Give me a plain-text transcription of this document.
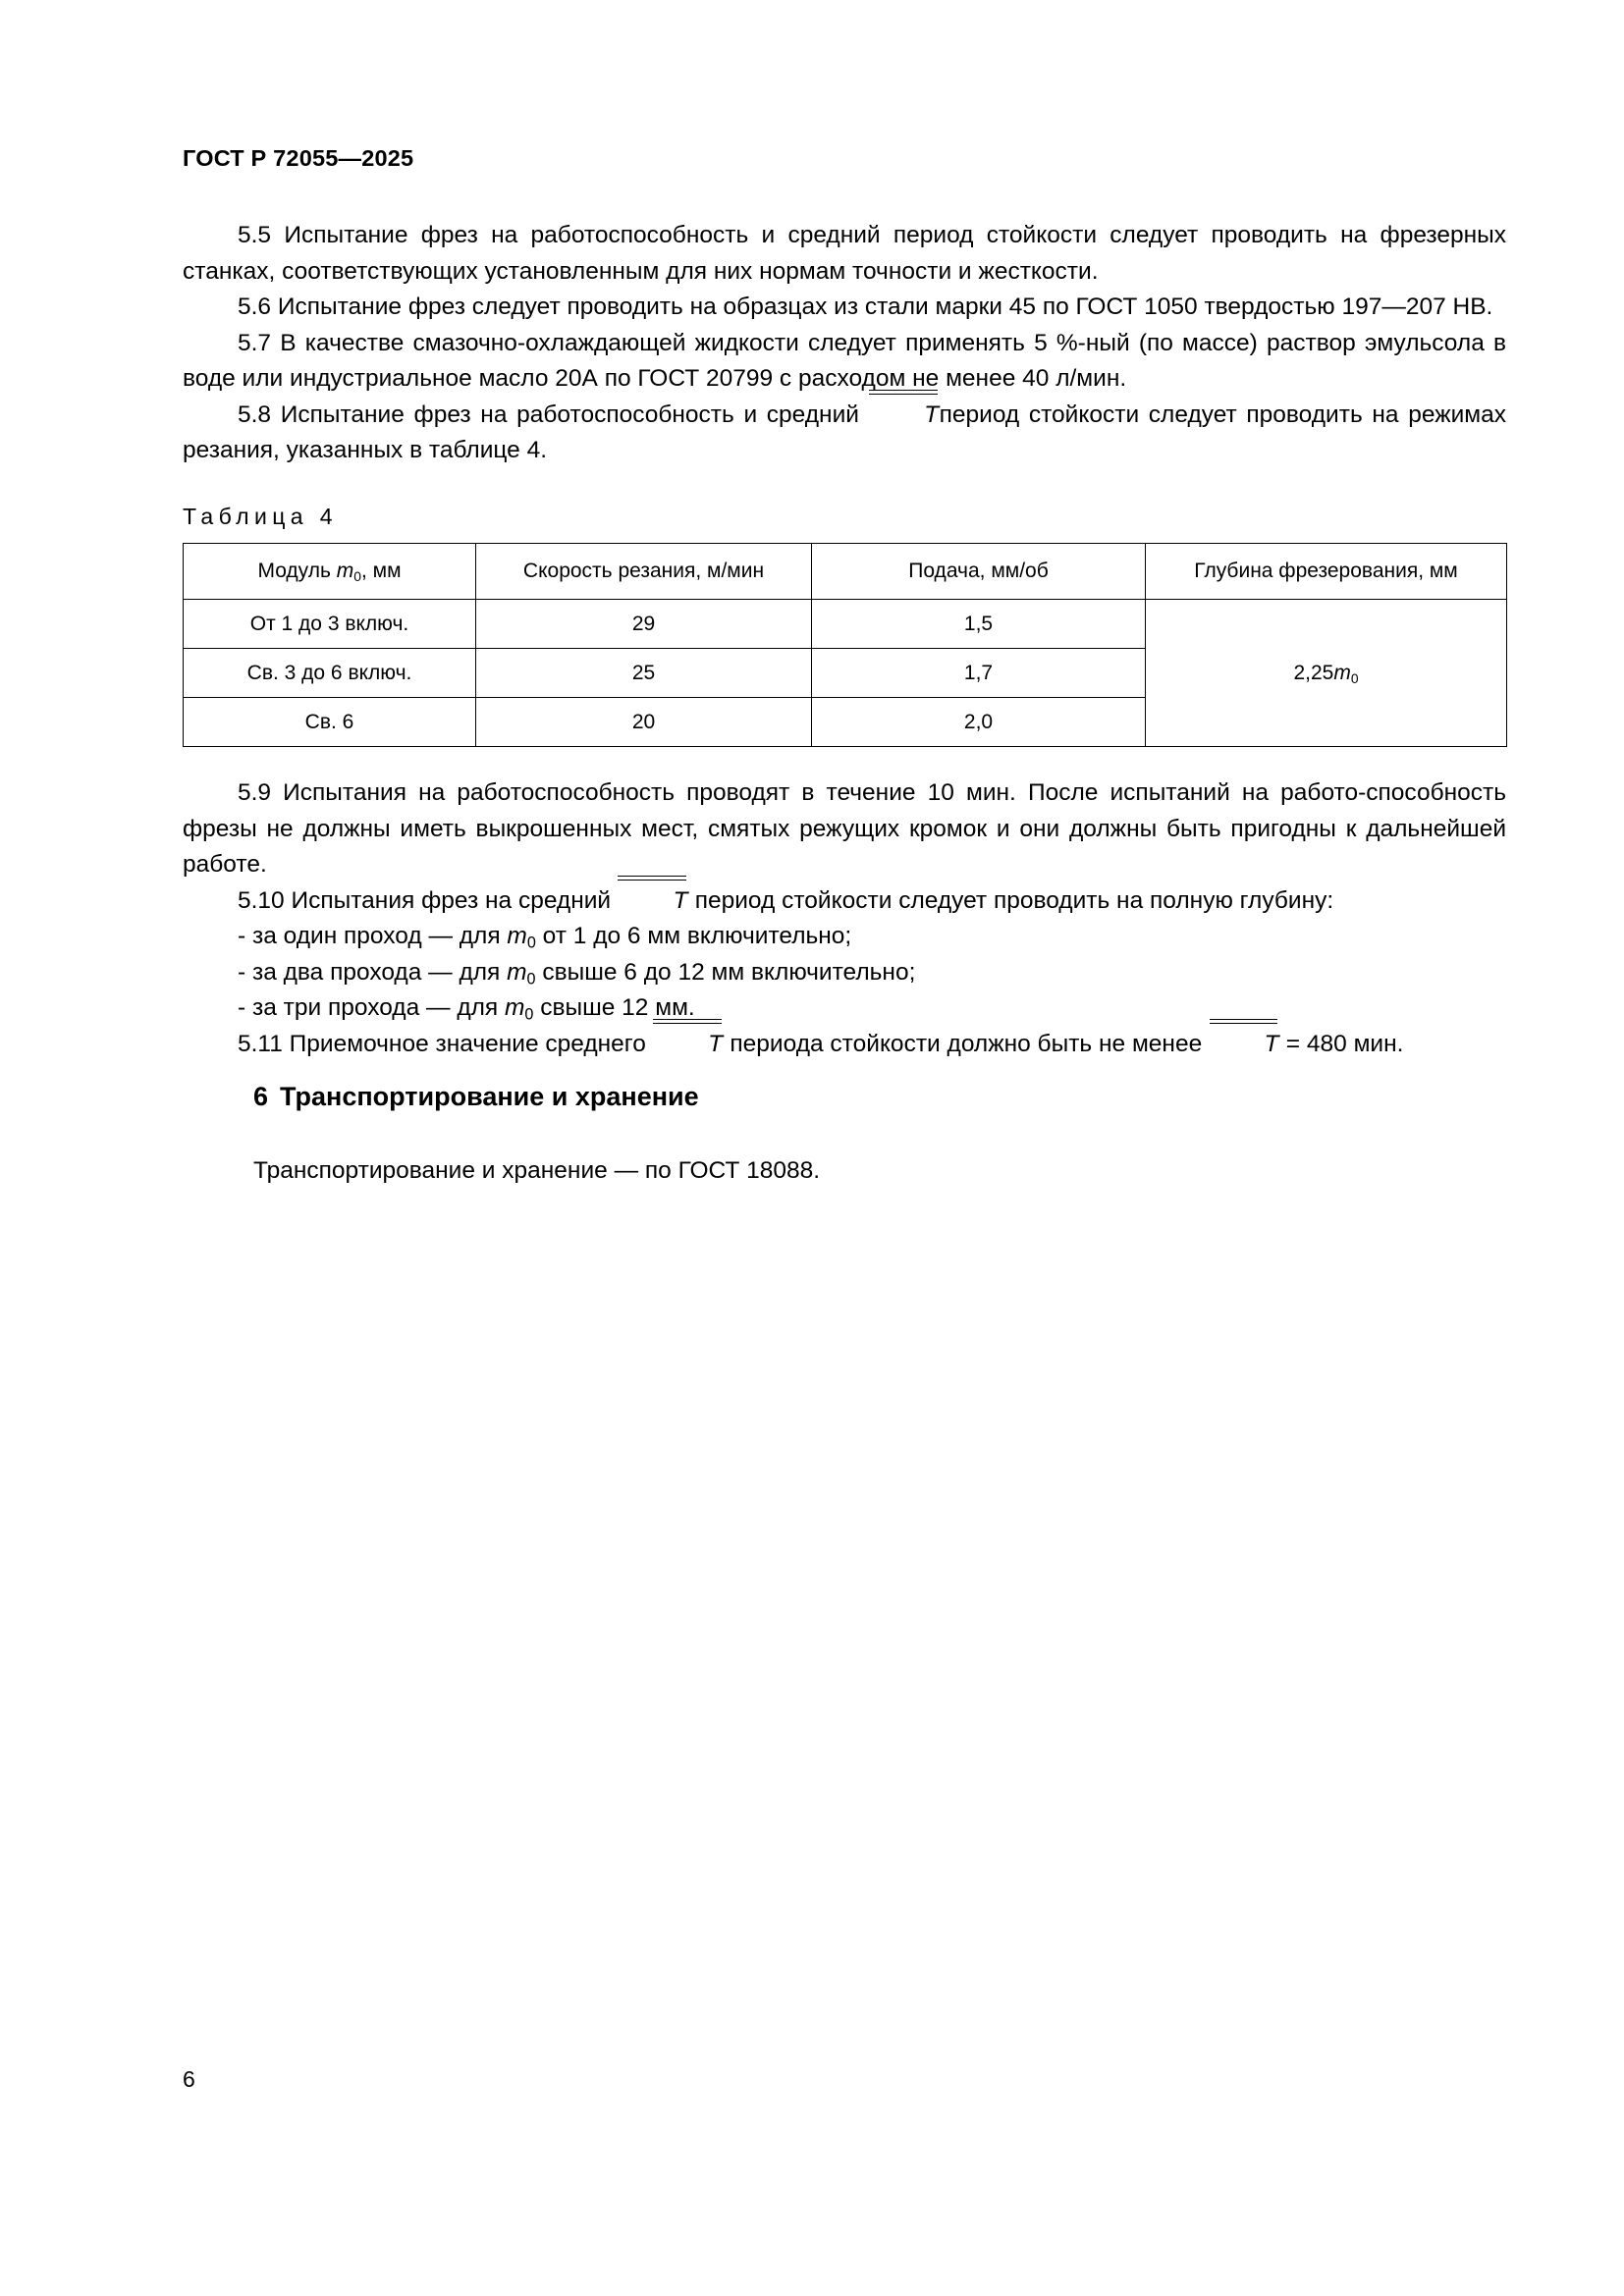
ГОСТ Р 72055—2025

5.5 Испытание фрез на работоспособность и средний период стойкости следует проводить на фрезерных станках, соответствующих установленным для них нормам точности и жесткости.

5.6 Испытание фрез следует проводить на образцах из стали марки 45 по ГОСТ 1050 твердостью 197—207 HB.

5.7 В качестве смазочно-охлаждающей жидкости следует применять 5 %-ный (по массе) раствор эмульсола в воде или индустриальное масло 20А по ГОСТ 20799 с расходом не менее 40 л/мин.

5.8 Испытание фрез на работоспособность и средний Tпериод стойкости следует проводить на режимах резания, указанных в таблице 4.

Таблица 4
Модуль $m_0$, мм	Скорость резания, м/мин	Подача, мм/об	Глубина фрезерования, мм
От 1 до 3 включ.	29	1,5	$2,25m_0$
Св. 3 до 6 включ.	25	1,7	
Св. 6	20	2,0	

5.9 Испытания на работоспособность проводят в течение 10 мин. После испытаний на работо-способность фрезы не должны иметь выкрошенных мест, смятых режущих кромок и они должны быть пригодны к дальнейшей работе.

5.10 Испытания фрез на средний T период стойкости следует проводить на полную глубину:

- за один проход — для $m_0$ от 1 до 6 мм включительно;

- за два прохода — для $m_0$ свыше 6 до 12 мм включительно;

- за три прохода — для $m_0$ свыше 12 мм.

5.11 Приемочное значение среднего T периода стойкости должно быть не менее T = 480 мин.

6 Транспортирование и хранение
Транспортирование и хранение — по ГОСТ 18088.
6
